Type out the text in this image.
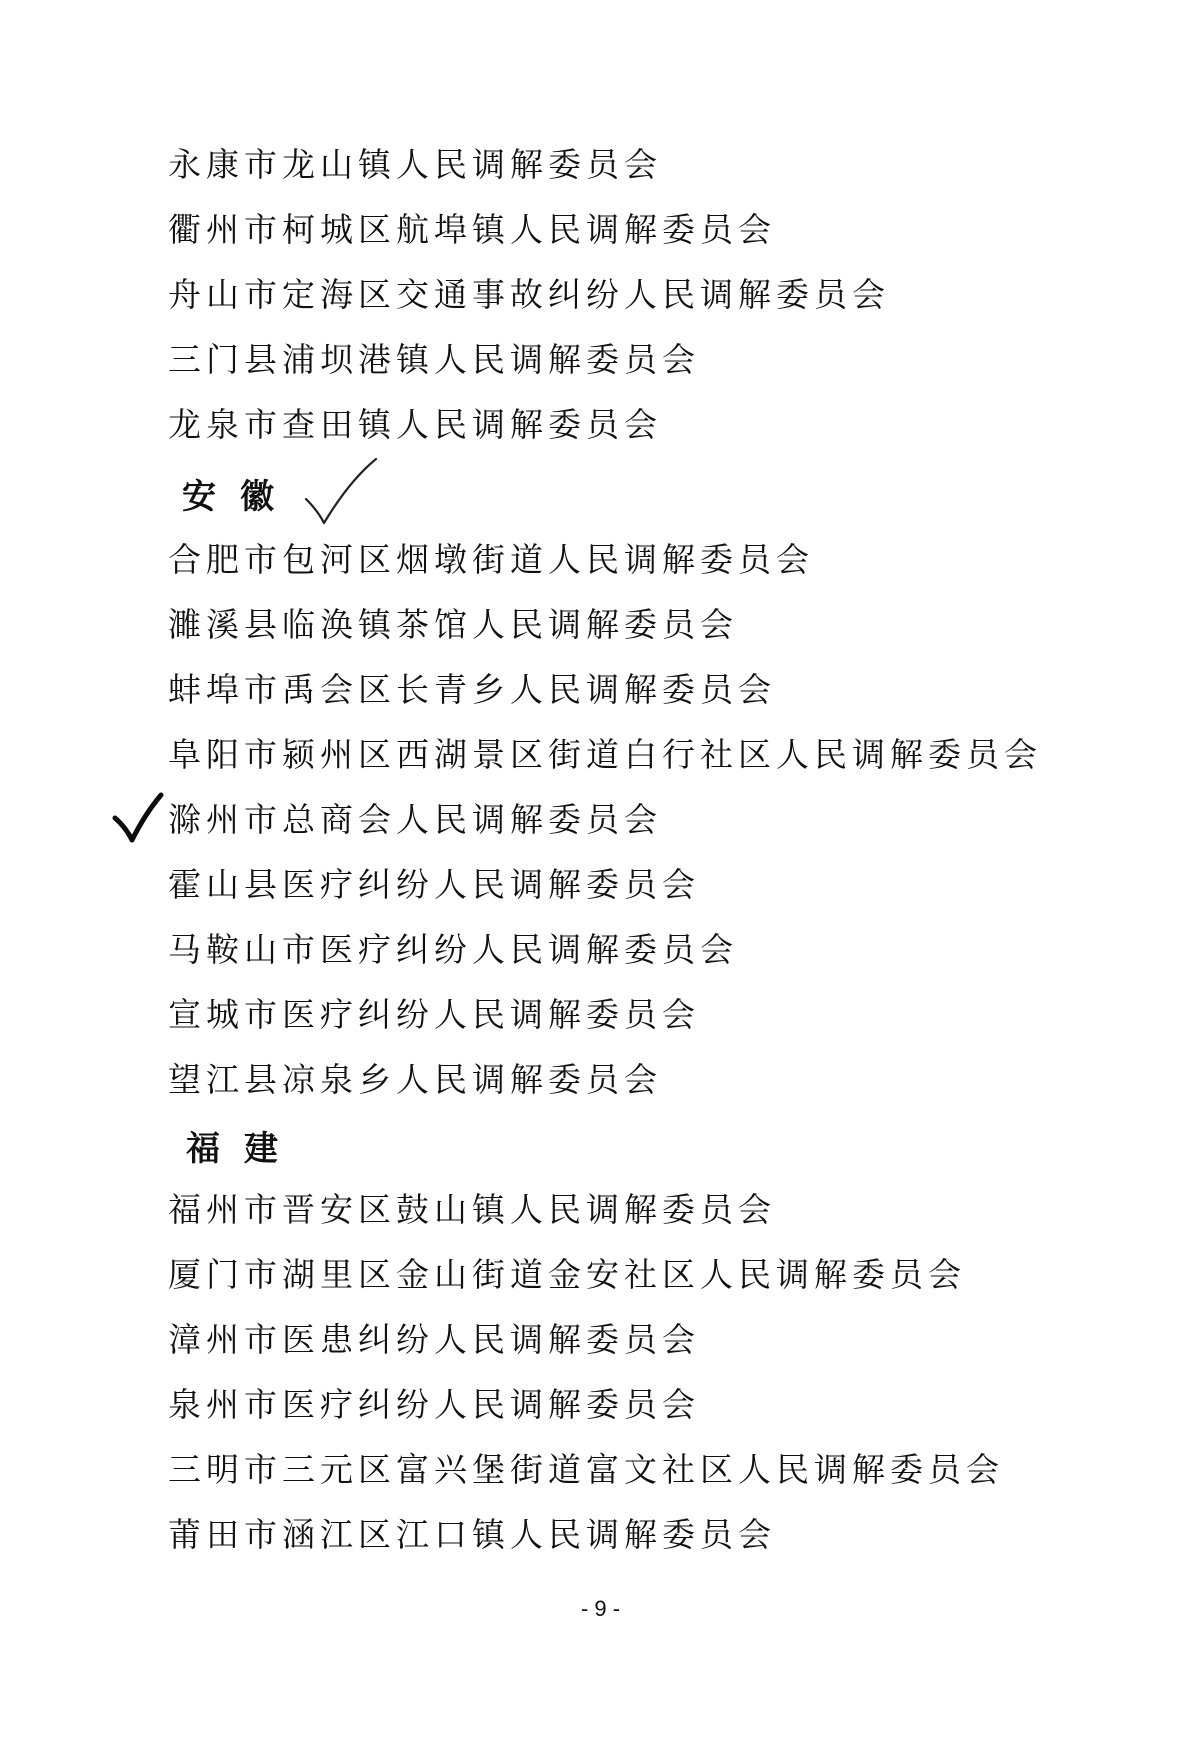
永康市龙山镇人民调解委员会
衢州市柯城区航埠镇人民调解委员会
舟山市定海区交通事故纠纷人民调解委员会
三门县浦坝港镇人民调解委员会
龙泉市查田镇人民调解委员会
安徽
合肥市包河区烟墩街道人民调解委员会
濉溪县临涣镇茶馆人民调解委员会
蚌埠市禹会区长青乡人民调解委员会
阜阳市颍州区西湖景区街道白行社区人民调解委员会
滁州市总商会人民调解委员会
霍山县医疗纠纷人民调解委员会
马鞍山市医疗纠纷人民调解委员会
宣城市医疗纠纷人民调解委员会
望江县凉泉乡人民调解委员会
福建
福州市晋安区鼓山镇人民调解委员会
厦门市湖里区金山街道金安社区人民调解委员会
漳州市医患纠纷人民调解委员会
泉州市医疗纠纷人民调解委员会
三明市三元区富兴堡街道富文社区人民调解委员会
莆田市涵江区江口镇人民调解委员会
- 9 -
